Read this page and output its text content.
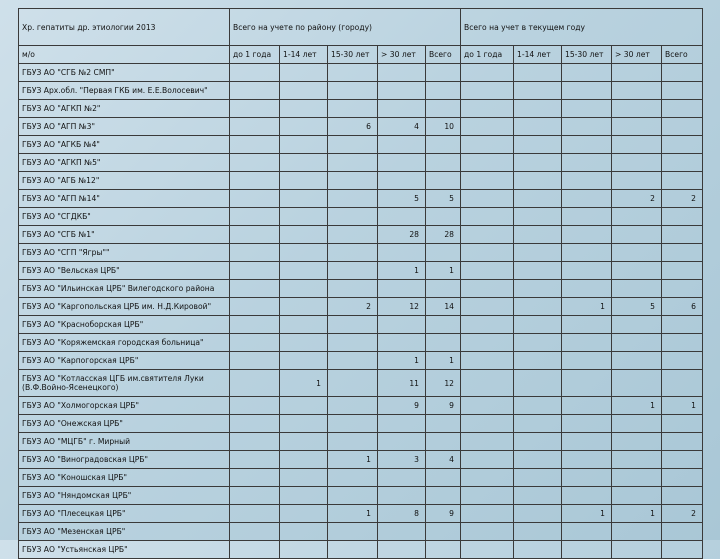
Хр. гепатиты др. этиологии 2013	Всего на учете по району (городу)					Всего на учет в текущем году				
м/о	до 1 года	1-14 лет	15-30 лет	> 30 лет	Всего	до 1 года	1-14 лет	15-30 лет	> 30 лет	Всего
ГБУЗ АО "СГБ №2 СМП"										
ГБУЗ Арх.обл. "Первая ГКБ им. Е.Е.Волосевич"										
ГБУЗ АО "АГКП №2"										
ГБУЗ АО "АГП №3"			6	4	10					
ГБУЗ АО "АГКБ №4"										
ГБУЗ АО "АГКП №5"										
ГБУЗ АО "АГБ №12"										
ГБУЗ АО "АГП №14"				5	5				2	2
ГБУЗ АО "СГДКБ"										
ГБУЗ АО "СГБ №1"				28	28					
ГБУЗ АО "СГП "Ягры""										
ГБУЗ АО "Вельская ЦРБ"				1	1					
ГБУЗ АО "Ильинская ЦРБ" Вилегодского района										
ГБУЗ АО "Каргопольская ЦРБ им. Н.Д.Кировой"			2	12	14			1	5	6
ГБУЗ АО "Красноборская ЦРБ"										
ГБУЗ АО "Коряжемская городская больница"										
ГБУЗ АО "Карпогорская ЦРБ"				1	1					
ГБУЗ АО "Котласская ЦГБ им.святителя Луки (В.Ф.Войно-Ясенецкого)		1		11	12					
ГБУЗ АО "Холмогорская ЦРБ"				9	9				1	1
ГБУЗ АО "Онежская ЦРБ"										
ГБУЗ АО "МЦГБ" г. Мирный										
ГБУЗ АО "Виноградовская ЦРБ"			1	3	4					
ГБУЗ АО "Коношская ЦРБ"										
ГБУЗ АО "Няндомская ЦРБ"										
ГБУЗ АО "Плесецкая ЦРБ"			1	8	9			1	1	2
ГБУЗ АО "Мезенская ЦРБ"										
ГБУЗ АО "Устьянская ЦРБ"										
